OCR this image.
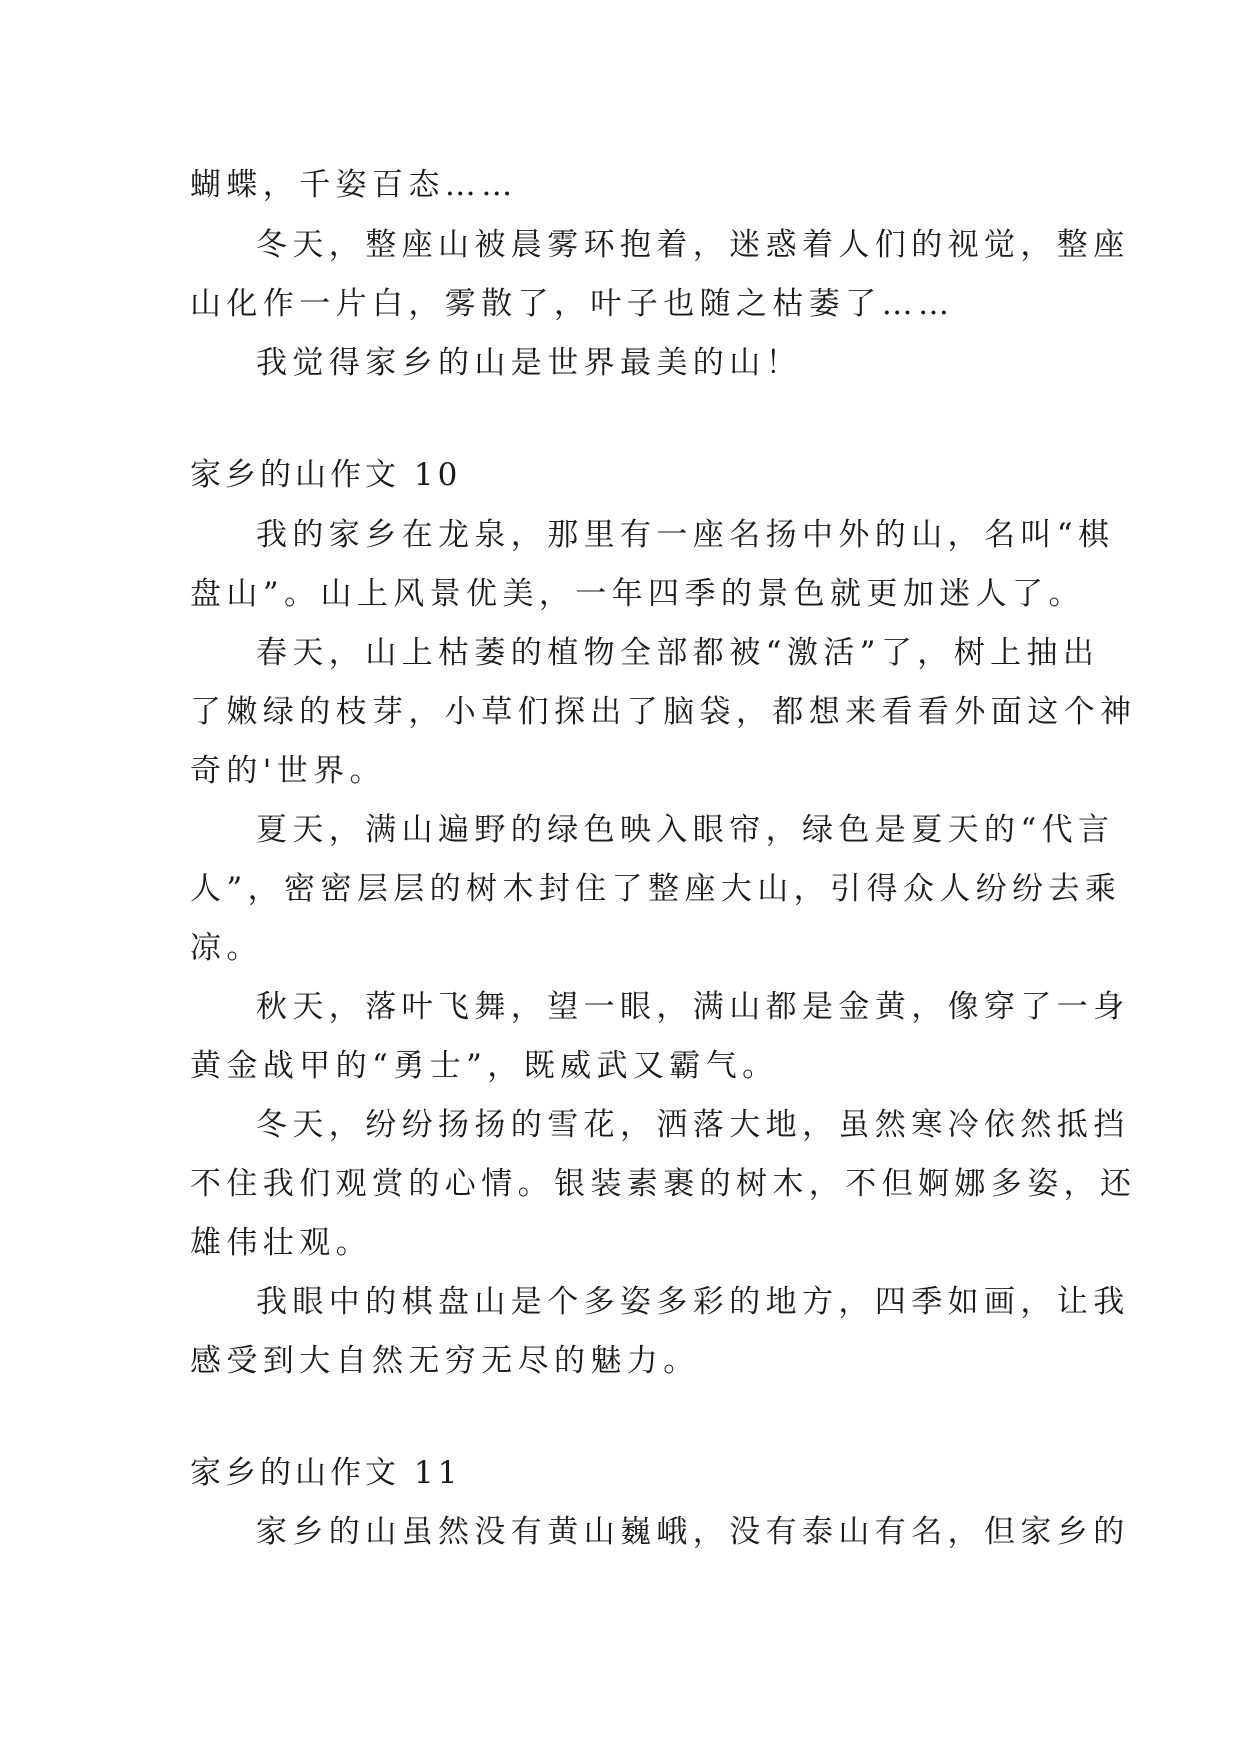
蝴蝶，千姿百态……
冬天，整座山被晨雾环抱着，迷惑着人们的视觉，整座
山化作一片白，雾散了，叶子也随之枯萎了……
我觉得家乡的山是世界最美的山！
家乡的山作文 10
我的家乡在龙泉，那里有一座名扬中外的山，名叫“棋
盘山”。山上风景优美，一年四季的景色就更加迷人了。
春天，山上枯萎的植物全部都被“激活”了，树上抽出
了嫩绿的枝芽，小草们探出了脑袋，都想来看看外面这个神
奇的'世界。
夏天，满山遍野的绿色映入眼帘，绿色是夏天的“代言
人”，密密层层的树木封住了整座大山，引得众人纷纷去乘
凉。
秋天，落叶飞舞，望一眼，满山都是金黄，像穿了一身
黄金战甲的“勇士”，既威武又霸气。
冬天，纷纷扬扬的雪花，洒落大地，虽然寒冷依然抵挡
不住我们观赏的心情。银装素裹的树木，不但婀娜多姿，还
雄伟壮观。
我眼中的棋盘山是个多姿多彩的地方，四季如画，让我
感受到大自然无穷无尽的魅力。
家乡的山作文 11
家乡的山虽然没有黄山巍峨，没有泰山有名，但家乡的
